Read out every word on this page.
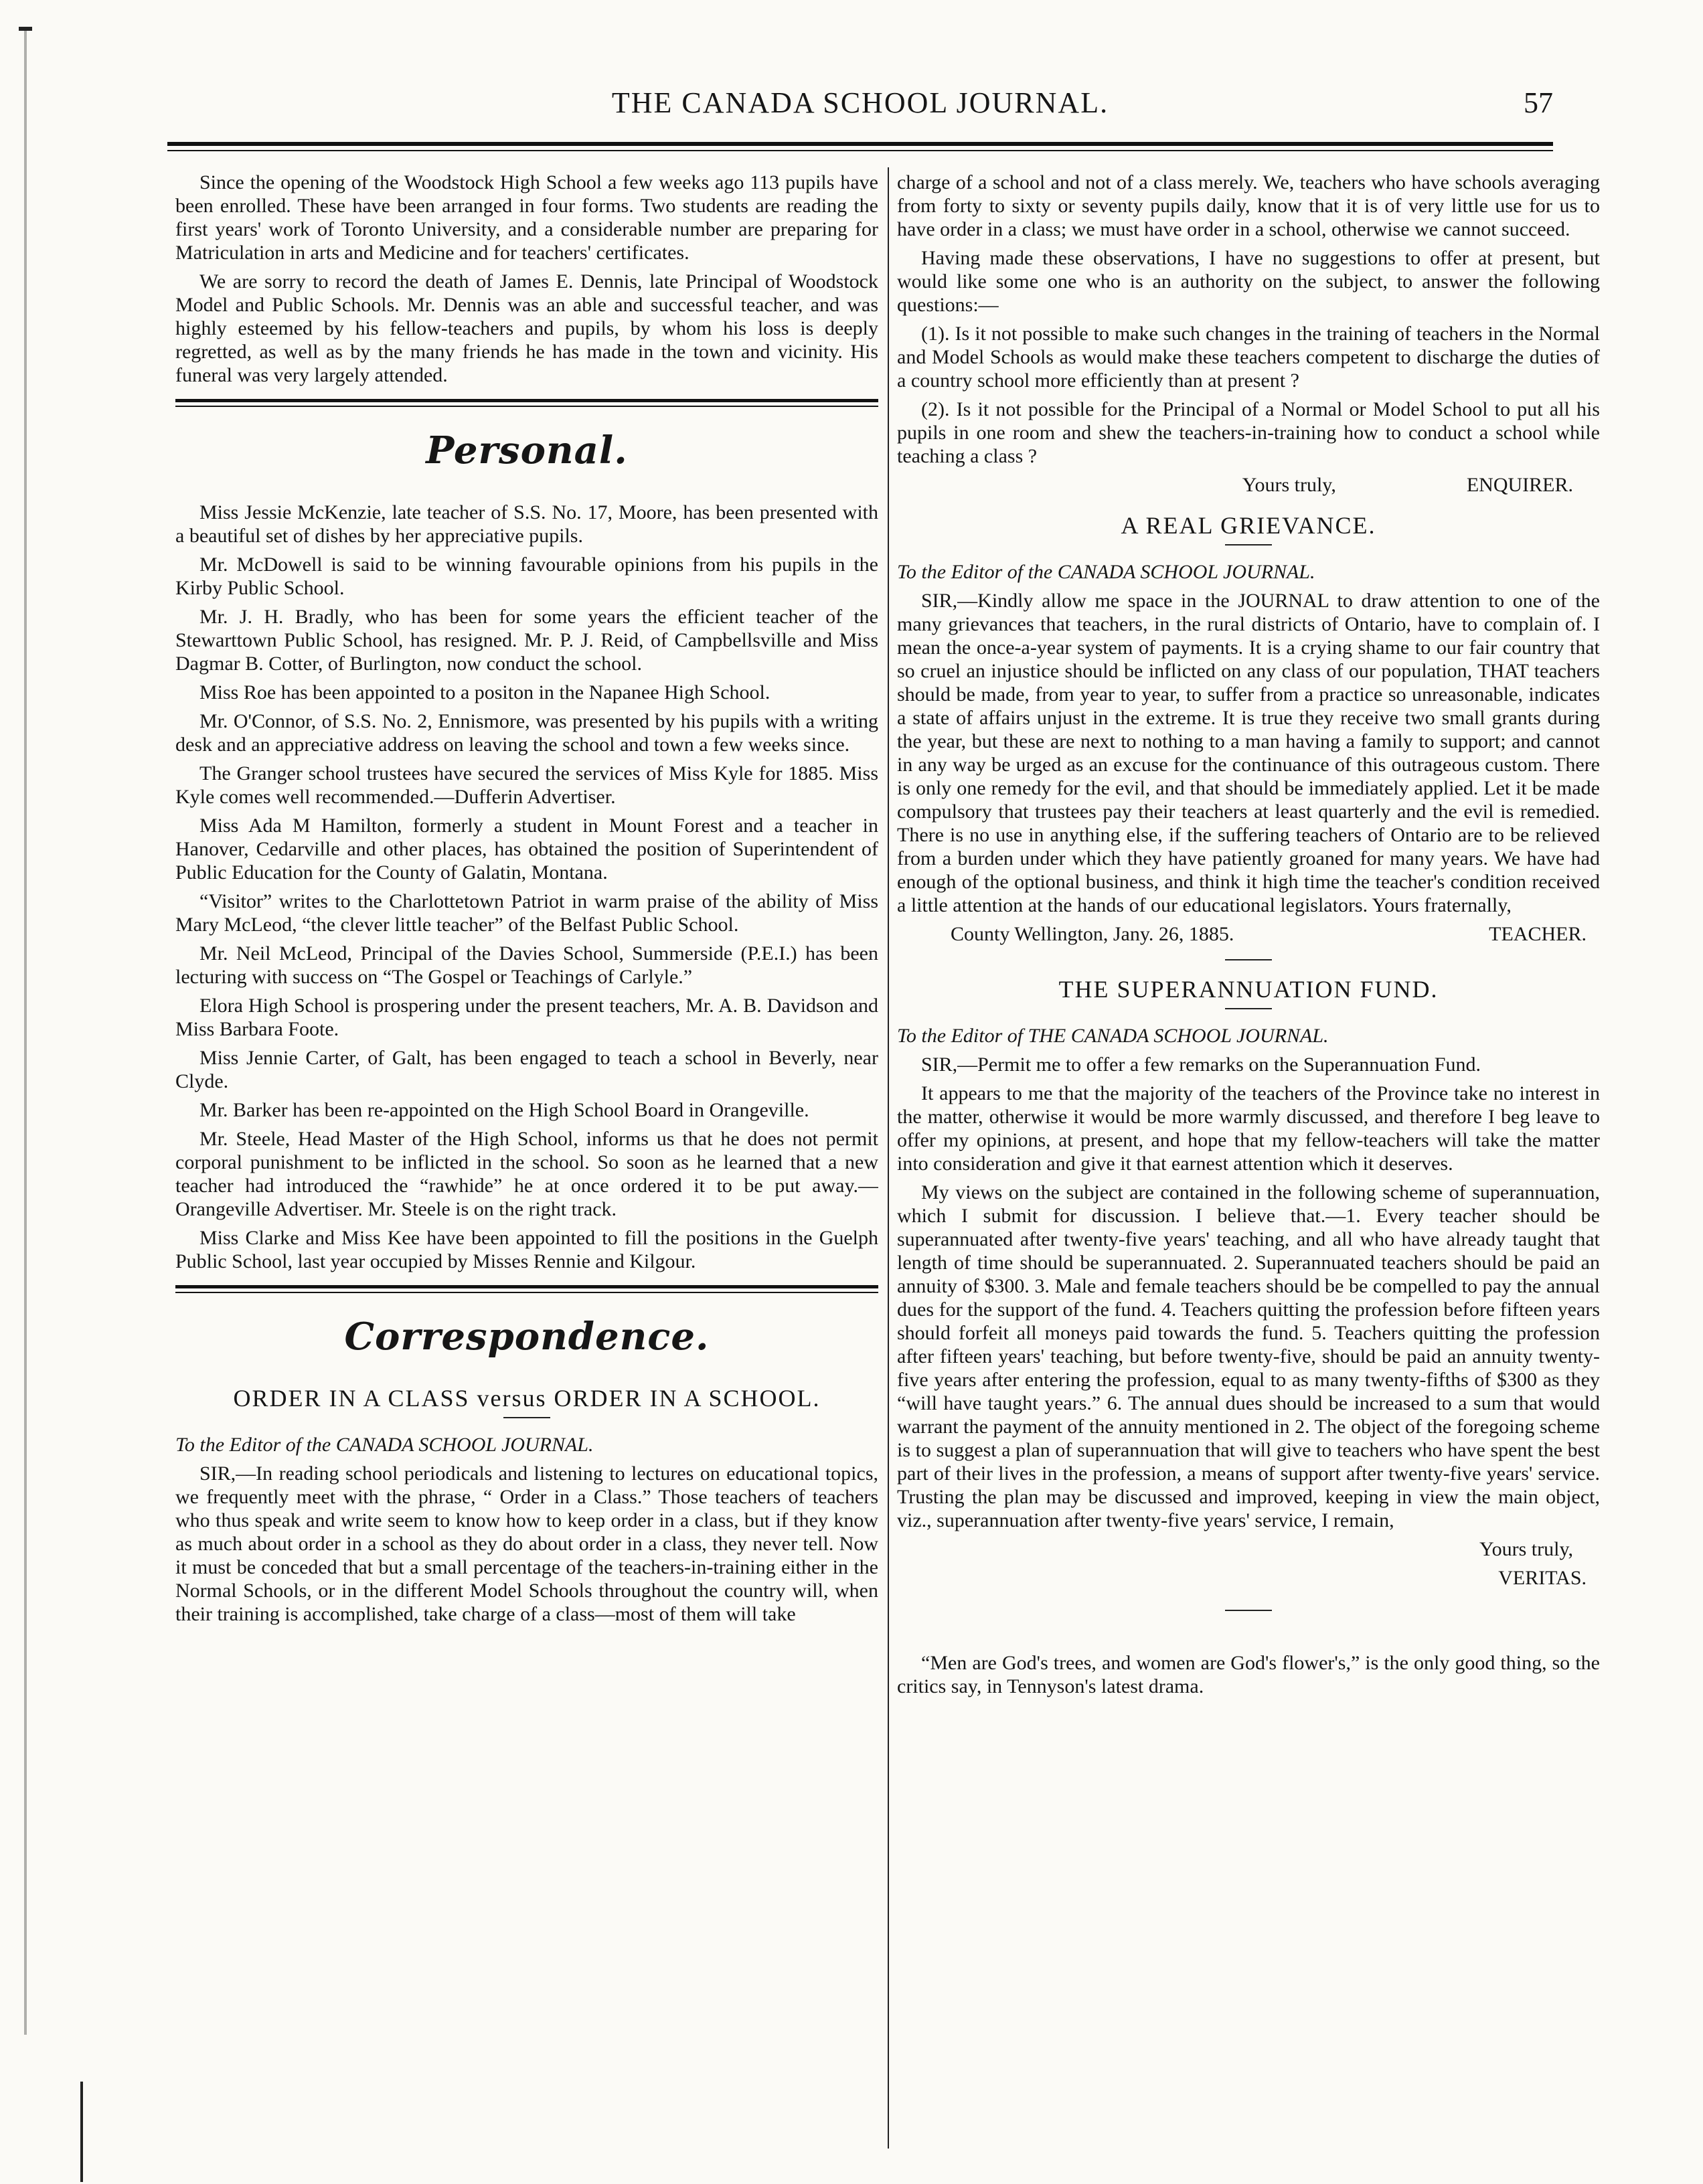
THE CANADA SCHOOL JOURNAL.	57

Since the opening of the Woodstock High School a few weeks ago 113 pupils have been enrolled. These have been arranged in four forms. Two students are reading the first years' work of Toronto University, and a considerable number are preparing for Matriculation in arts and Medicine and for teachers' certificates.

We are sorry to record the death of James E. Dennis, late Principal of Woodstock Model and Public Schools. Mr. Dennis was an able and successful teacher, and was highly esteemed by his fellow-teachers and pupils, by whom his loss is deeply regretted, as well as by the many friends he has made in the town and vicinity. His funeral was very largely attended.

Personal.

Miss Jessie McKenzie, late teacher of S.S. No. 17, Moore, has been presented with a beautiful set of dishes by her appreciative pupils.

Mr. McDowell is said to be winning favourable opinions from his pupils in the Kirby Public School.

Mr. J. H. Bradly, who has been for some years the efficient teacher of the Stewarttown Public School, has resigned. Mr. P. J. Reid, of Campbellsville and Miss Dagmar B. Cotter, of Burlington, now conduct the school.

Miss Roe has been appointed to a positon in the Napanee High School.

Mr. O'Connor, of S.S. No. 2, Ennismore, was presented by his pupils with a writing desk and an appreciative address on leaving the school and town a few weeks since.

The Granger school trustees have secured the services of Miss Kyle for 1885. Miss Kyle comes well recommended.—Dufferin Advertiser.

Miss Ada M Hamilton, formerly a student in Mount Forest and a teacher in Hanover, Cedarville and other places, has obtained the position of Superintendent of Public Education for the County of Galatin, Montana.

“Visitor” writes to the Charlottetown Patriot in warm praise of the ability of Miss Mary McLeod, “the clever little teacher” of the Belfast Public School.

Mr. Neil McLeod, Principal of the Davies School, Summerside (P.E.I.) has been lecturing with success on “The Gospel or Teachings of Carlyle.”

Elora High School is prospering under the present teachers, Mr. A. B. Davidson and Miss Barbara Foote.

Miss Jennie Carter, of Galt, has been engaged to teach a school in Beverly, near Clyde.

Mr. Barker has been re-appointed on the High School Board in Orangeville.

Mr. Steele, Head Master of the High School, informs us that he does not permit corporal punishment to be inflicted in the school. So soon as he learned that a new teacher had introduced the “rawhide” he at once ordered it to be put away.—Orangeville Advertiser. Mr. Steele is on the right track.

Miss Clarke and Miss Kee have been appointed to fill the positions in the Guelph Public School, last year occupied by Misses Rennie and Kilgour.

Correspondence.
ORDER IN A CLASS versus ORDER IN A SCHOOL.

To the Editor of the CANADA SCHOOL JOURNAL.

SIR,—In reading school periodicals and listening to lectures on educational topics, we frequently meet with the phrase, “ Order in a Class.” Those teachers of teachers who thus speak and write seem to know how to keep order in a class, but if they know as much about order in a school as they do about order in a class, they never tell. Now it must be conceded that but a small percentage of the teachers-in-training either in the Normal Schools, or in the different Model Schools throughout the country will, when their training is accomplished, take charge of a class—most of them will take

charge of a school and not of a class merely. We, teachers who have schools averaging from forty to sixty or seventy pupils daily, know that it is of very little use for us to have order in a class; we must have order in a school, otherwise we cannot succeed.

Having made these observations, I have no suggestions to offer at present, but would like some one who is an authority on the subject, to answer the following questions:—

(1). Is it not possible to make such changes in the training of teachers in the Normal and Model Schools as would make these teachers competent to discharge the duties of a country school more efficiently than at present ?

(2). Is it not possible for the Principal of a Normal or Model School to put all his pupils in one room and shew the teachers-in-training how to conduct a school while teaching a class ?

Yours truly,	ENQUIRER.

A REAL GRIEVANCE.

To the Editor of the CANADA SCHOOL JOURNAL.

SIR,—Kindly allow me space in the JOURNAL to draw attention to one of the many grievances that teachers, in the rural districts of Ontario, have to complain of. I mean the once-a-year system of payments. It is a crying shame to our fair country that so cruel an injustice should be inflicted on any class of our population, THAT teachers should be made, from year to year, to suffer from a practice so unreasonable, indicates a state of affairs unjust in the extreme. It is true they receive two small grants during the year, but these are next to nothing to a man having a family to support; and cannot in any way be urged as an excuse for the continuance of this outrageous custom. There is only one remedy for the evil, and that should be immediately applied. Let it be made compulsory that trustees pay their teachers at least quarterly and the evil is remedied. There is no use in anything else, if the suffering teachers of Ontario are to be relieved from a burden under which they have patiently groaned for many years. We have had enough of the optional business, and think it high time the teacher's condition received a little attention at the hands of our educational legislators. Yours fraternally,

County Wellington, Jany. 26, 1885.	TEACHER.

THE SUPERANNUATION FUND.

To the Editor of THE CANADA SCHOOL JOURNAL.

SIR,—Permit me to offer a few remarks on the Superannuation Fund.

It appears to me that the majority of the teachers of the Province take no interest in the matter, otherwise it would be more warmly discussed, and therefore I beg leave to offer my opinions, at present, and hope that my fellow-teachers will take the matter into consideration and give it that earnest attention which it deserves.

My views on the subject are contained in the following scheme of superannuation, which I submit for discussion. I believe that.—1. Every teacher should be superannuated after twenty-five years' teaching, and all who have already taught that length of time should be superannuated. 2. Superannuated teachers should be paid an annuity of $300. 3. Male and female teachers should be be compelled to pay the annual dues for the support of the fund. 4. Teachers quitting the profession before fifteen years should forfeit all moneys paid towards the fund. 5. Teachers quitting the profession after fifteen years' teaching, but before twenty-five, should be paid an annuity twenty-five years after entering the profession, equal to as many twenty-fifths of $300 as they “will have taught years.” 6. The annual dues should be increased to a sum that would warrant the payment of the annuity mentioned in 2. The object of the foregoing scheme is to suggest a plan of superannuation that will give to teachers who have spent the best part of their lives in the profession, a means of support after twenty-five years' service. Trusting the plan may be discussed and improved, keeping in view the main object, viz., superannuation after twenty-five years' service, I remain,

Yours truly,

VERITAS.

“Men are God's trees, and women are God's flower's,” is the only good thing, so the critics say, in Tennyson's latest drama.
